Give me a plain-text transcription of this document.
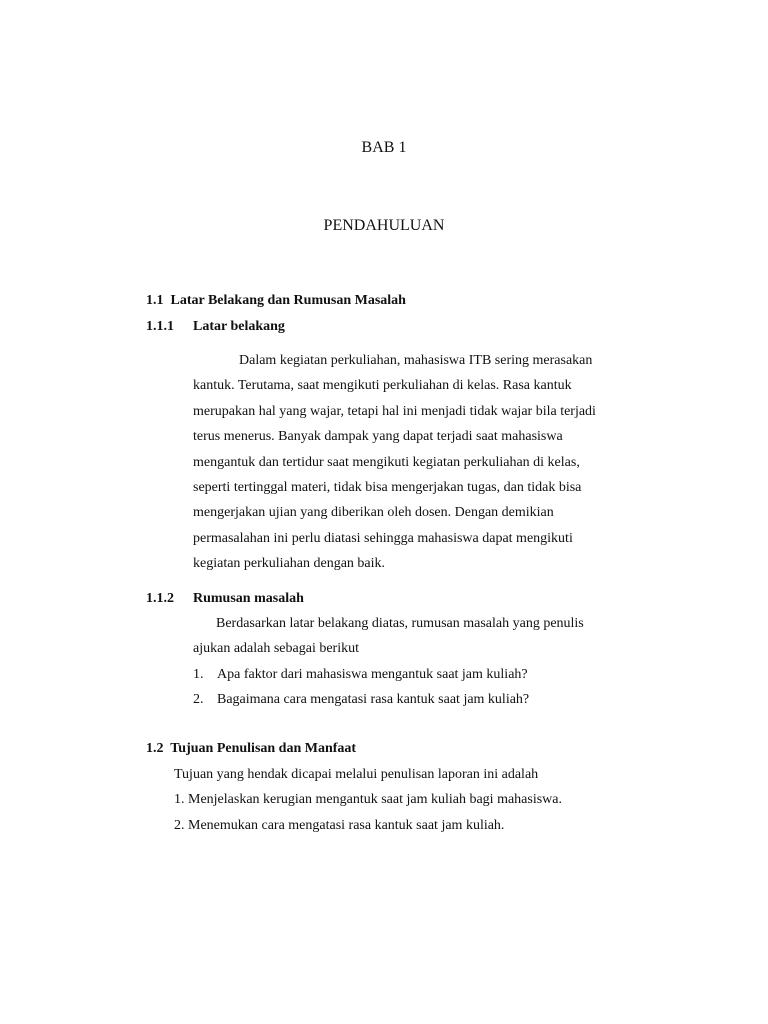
BAB 1
PENDAHULUAN
1.1 Latar Belakang dan Rumusan Masalah
1.1.1 Latar belakang

Dalam kegiatan perkuliahan, mahasiswa ITB sering merasakan

kantuk. Terutama, saat mengikuti perkuliahan di kelas. Rasa kantuk

merupakan hal yang wajar, tetapi hal ini menjadi tidak wajar bila terjadi

terus menerus. Banyak dampak yang dapat terjadi saat mahasiswa

mengantuk dan tertidur saat mengikuti kegiatan perkuliahan di kelas,

seperti tertinggal materi, tidak bisa mengerjakan tugas, dan tidak bisa

mengerjakan ujian yang diberikan oleh dosen. Dengan demikian

permasalahan ini perlu diatasi sehingga mahasiswa dapat mengikuti

kegiatan perkuliahan dengan baik.

1.1.2 Rumusan masalah

Berdasarkan latar belakang diatas, rumusan masalah yang penulis

ajukan adalah sebagai berikut

1. Apa faktor dari mahasiswa mengantuk saat jam kuliah?

2. Bagaimana cara mengatasi rasa kantuk saat jam kuliah?

1.2 Tujuan Penulisan dan Manfaat

Tujuan yang hendak dicapai melalui penulisan laporan ini adalah

1. Menjelaskan kerugian mengantuk saat jam kuliah bagi mahasiswa.

2. Menemukan cara mengatasi rasa kantuk saat jam kuliah.
